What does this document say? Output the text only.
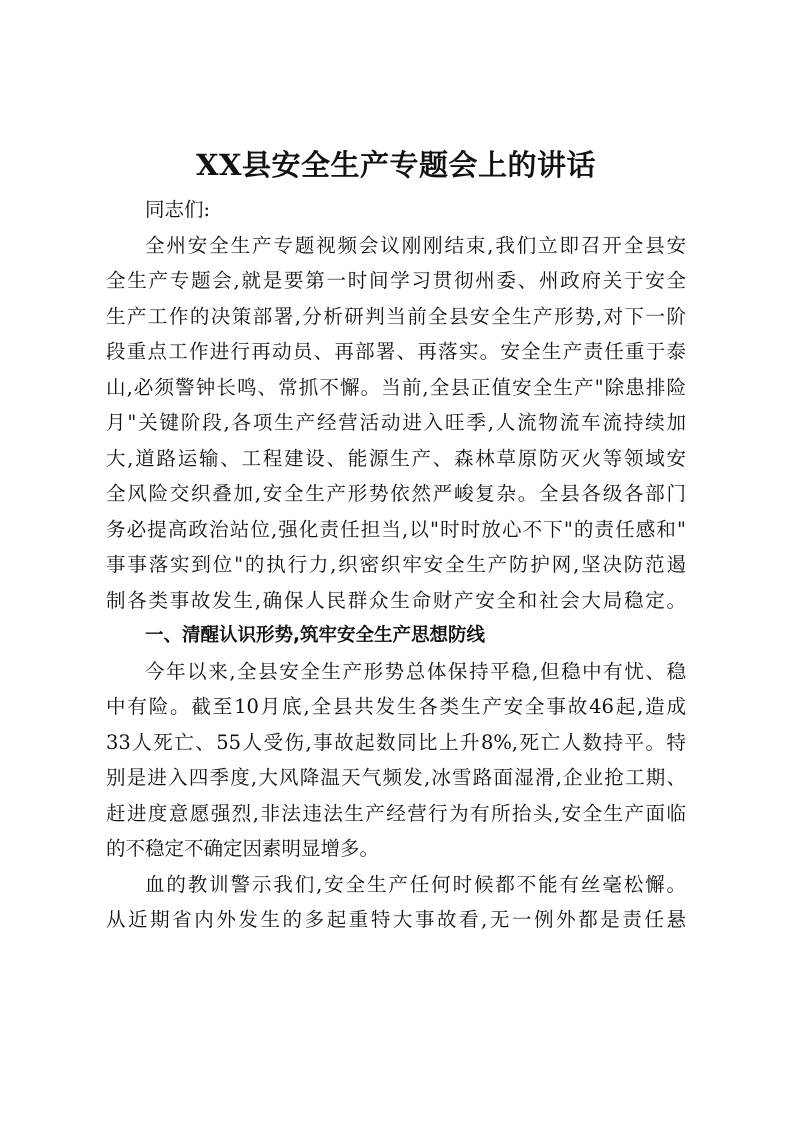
XX县安全生产专题会上的讲话

同志们:

全州安全生产专题视频会议刚刚结束,我们立即召开全县安

全生产专题会,就是要第一时间学习贯彻州委、州政府关于安全

生产工作的决策部署,分析研判当前全县安全生产形势,对下一阶

段重点工作进行再动员、再部署、再落实。安全生产责任重于泰

山,必须警钟长鸣、常抓不懈。当前,全县正值安全生产"除患排险

月"关键阶段,各项生产经营活动进入旺季,人流物流车流持续加

大,道路运输、工程建设、能源生产、森林草原防灭火等领域安

全风险交织叠加,安全生产形势依然严峻复杂。全县各级各部门

务必提高政治站位,强化责任担当,以"时时放心不下"的责任感和"

事事落实到位"的执行力,织密织牢安全生产防护网,坚决防范遏

制各类事故发生,确保人民群众生命财产安全和社会大局稳定。

一、清醒认识形势,筑牢安全生产思想防线

今年以来,全县安全生产形势总体保持平稳,但稳中有忧、稳

中有险。截至10月底,全县共发生各类生产安全事故46起,造成

33人死亡、55人受伤,事故起数同比上升8%,死亡人数持平。特

别是进入四季度,大风降温天气频发,冰雪路面湿滑,企业抢工期、

赶进度意愿强烈,非法违法生产经营行为有所抬头,安全生产面临

的不稳定不确定因素明显增多。

血的教训警示我们,安全生产任何时候都不能有丝毫松懈。

从近期省内外发生的多起重特大事故看,无一例外都是责任悬
